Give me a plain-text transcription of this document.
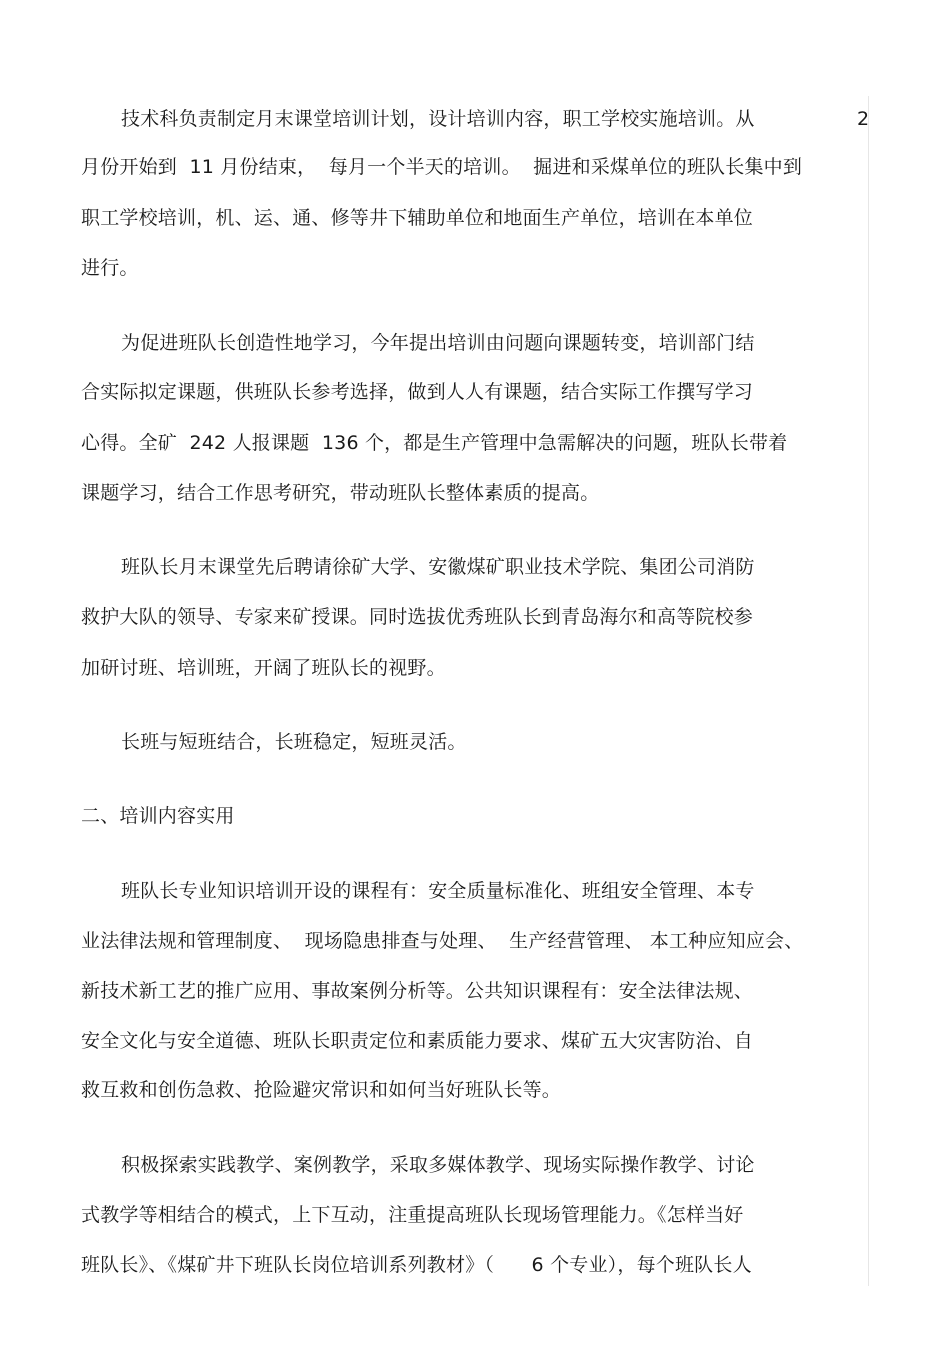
2
技术科负责制定月末课堂培训计划，设计培训内容，职工学校实施培训。从
月份开始到  11 月份结束，  每月一个半天的培训。  掘进和采煤单位的班队长集中到
职工学校培训，机、运、通、修等井下辅助单位和地面生产单位，培训在本单位
进行。
为促进班队长创造性地学习，今年提出培训由问题向课题转变，培训部门结
合实际拟定课题，供班队长参考选择，做到人人有课题，结合实际工作撰写学习
心得。全矿  242 人报课题  136 个，都是生产管理中急需解决的问题，班队长带着
课题学习，结合工作思考研究，带动班队长整体素质的提高。
班队长月末课堂先后聘请徐矿大学、安徽煤矿职业技术学院、集团公司消防
救护大队的领导、专家来矿授课。同时选拔优秀班队长到青岛海尔和高等院校参
加研讨班、培训班，开阔了班队长的视野。
长班与短班结合，长班稳定，短班灵活。
二、培训内容实用
班队长专业知识培训开设的课程有：安全质量标准化、班组安全管理、本专
业法律法规和管理制度、  现场隐患排查与处理、  生产经营管理、 本工种应知应会、
新技术新工艺的推广应用、事故案例分析等。公共知识课程有：安全法律法规、
安全文化与安全道德、班队长职责定位和素质能力要求、煤矿五大灾害防治、自
救互救和创伤急救、抢险避灾常识和如何当好班队长等。
积极探索实践教学、案例教学，采取多媒体教学、现场实际操作教学、讨论
式教学等相结合的模式，上下互动，注重提高班队长现场管理能力。《怎样当好
班队长》、《煤矿井下班队长岗位培训系列教材》（      6 个专业），每个班队长人
